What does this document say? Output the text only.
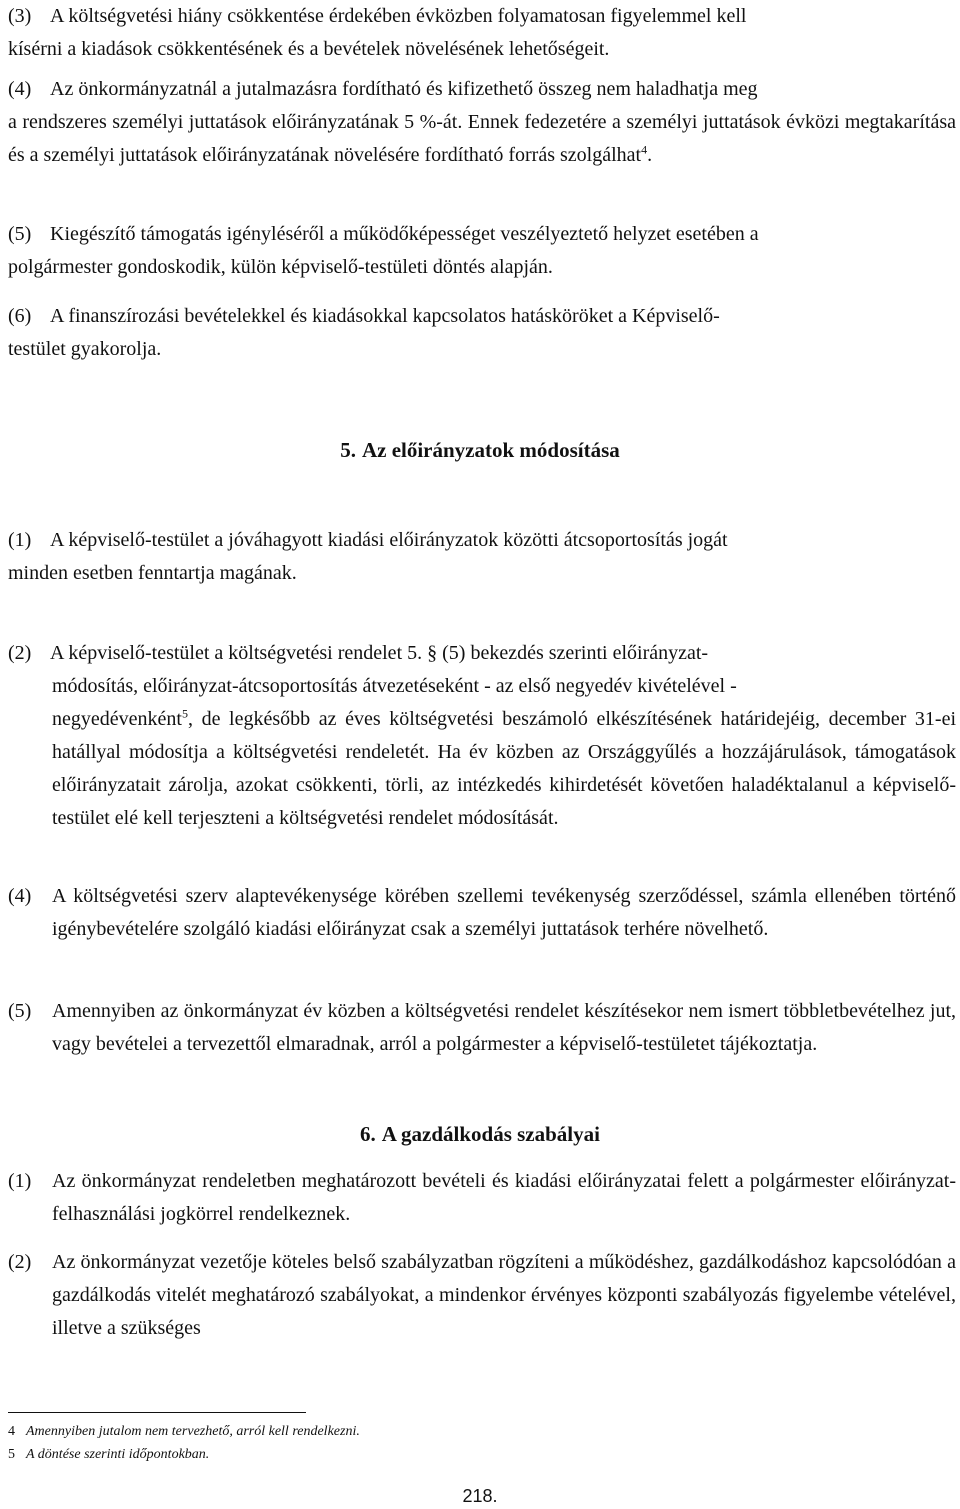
(3) A költségvetési hiány csökkentése érdekében évközben folyamatosan figyelemmel kell
kísérni a kiadások csökkentésének és a bevételek növelésének lehetőségeit.

(4) Az önkormányzatnál a jutalmazásra fordítható és kifizethető összeg nem haladhatja meg
a rendszeres személyi juttatások előirányzatának 5 %-át. Ennek fedezetére a személyi juttatások évközi megtakarítása és a személyi juttatások előirányzatának növelésére fordítható forrás szolgálhat$^4$.

(5) Kiegészítő támogatás igényléséről a működőképességet veszélyeztető helyzet esetében a
polgármester gondoskodik, külön képviselő-testületi döntés alapján.

(6) A finanszírozási bevételekkel és kiadásokkal kapcsolatos hatásköröket a Képviselő-
testület gyakorolja.

5. Az előirányzatok módosítása

(1) A képviselő-testület a jóváhagyott kiadási előirányzatok közötti átcsoportosítás jogát
minden esetben fenntartja magának.

(2) A képviselő-testület a költségvetési rendelet 5. § (5) bekezdés szerinti előirányzat-

módosítás, előirányzat-átcsoportosítás átvezetéseként - az első negyedév kivételével -
negyedévenként$^5$, de legkésőbb az éves költségvetési beszámoló elkészítésének határidejéig, december 31-ei hatállyal módosítja a költségvetési rendeletét. Ha év közben az Országgyűlés a hozzájárulások, támogatások előirányzatait zárolja, azokat csökkenti, törli, az intézkedés kihirdetését követően haladéktalanul a képviselő-testület elé kell terjeszteni a költségvetési rendelet módosítását.

(4)	A költségvetési szerv alaptevékenysége körében szellemi tevékenység szerződéssel, számla ellenében történő igénybevételére szolgáló kiadási előirányzat csak a személyi juttatások terhére növelhető.
(5)	Amennyiben az önkormányzat év közben a költségvetési rendelet készítésekor nem ismert többletbevételhez jut, vagy bevételei a tervezettől elmaradnak, arról a polgármester a képviselő-testületet tájékoztatja.
6. A gazdálkodás szabályai
(1)	Az önkormányzat rendeletben meghatározott bevételi és kiadási előirányzatai felett a polgármester előirányzat-felhasználási jogkörrel rendelkeznek.
(2)	Az önkormányzat vezetője köteles belső szabályzatban rögzíteni a működéshez, gazdálkodáshoz kapcsolódóan a gazdálkodás vitelét meghatározó szabályokat, a mindenkor érvényes központi szabályozás figyelembe vételével, illetve a szükséges

4 Amennyiben jutalom nem tervezhető, arról kell rendelkezni.

5 A döntése szerinti időpontokban.

218.
